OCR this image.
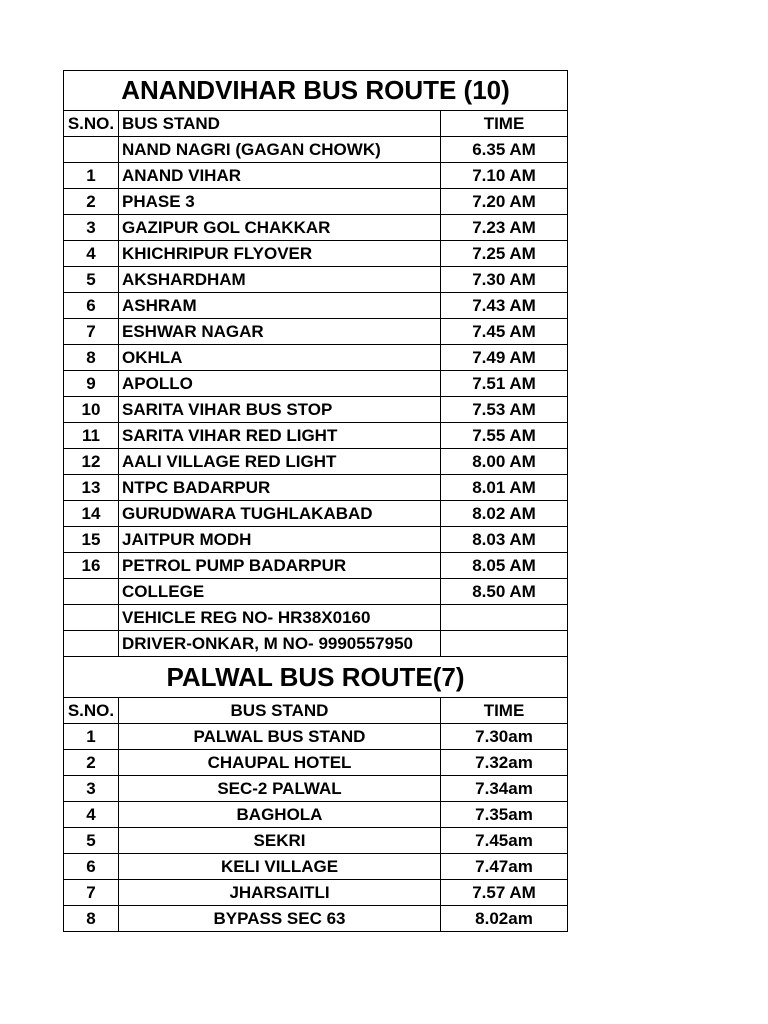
ANANDVIHAR BUS ROUTE (10)		
S.NO.	BUS STAND	TIME
	NAND NAGRI (GAGAN CHOWK)	6.35 AM
1	ANAND VIHAR	7.10 AM
2	PHASE 3	7.20 AM
3	GAZIPUR GOL CHAKKAR	7.23 AM
4	KHICHRIPUR FLYOVER	7.25 AM
5	AKSHARDHAM	7.30 AM
6	ASHRAM	7.43 AM
7	ESHWAR NAGAR	7.45 AM
8	OKHLA	7.49 AM
9	APOLLO	7.51 AM
10	SARITA VIHAR BUS STOP	7.53 AM
11	SARITA VIHAR RED LIGHT	7.55 AM
12	AALI VILLAGE RED LIGHT	8.00 AM
13	NTPC BADARPUR	8.01 AM
14	GURUDWARA TUGHLAKABAD	8.02 AM
15	JAITPUR MODH	8.03 AM
16	PETROL PUMP BADARPUR	8.05 AM
	COLLEGE	8.50 AM
	VEHICLE REG NO- HR38X0160	
	DRIVER-ONKAR, M NO- 9990557950	
PALWAL BUS ROUTE(7)		
S.NO.	BUS STAND	TIME
1	PALWAL BUS STAND	7.30am
2	CHAUPAL HOTEL	7.32am
3	SEC-2 PALWAL	7.34am
4	BAGHOLA	7.35am
5	SEKRI	7.45am
6	KELI VILLAGE	7.47am
7	JHARSAITLI	7.57 AM
8	BYPASS SEC 63	8.02am
